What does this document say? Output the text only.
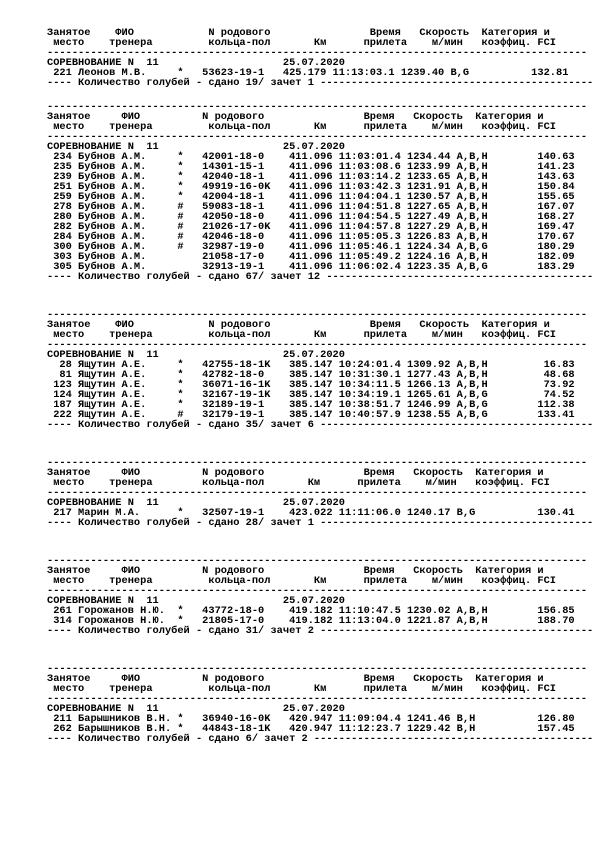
Занятое    ФИО            N родового                Время   Скорость  Категория и
место    тренера         кольца-пол       Км      прилета    м/мин   коэффиц. FCI
---------------------------------------------------------------------------------------
СОРЕВНОВАНИЕ N  11                    25.07.2020
221 Леонов М.В.     *   53623-19-1   425.179 11:13:03.1 1239.40 B,G          132.81
---- Количество голубей - сдано 19/ зачет 1 --------------------------------------------
---------------------------------------------------------------------------------------
Занятое     ФИО          N родового                Время   Скорость  Категория и
место    тренера         кольца-пол       Км      прилета    м/мин   коэффиц. FCI
---------------------------------------------------------------------------------------
СОРЕВНОВАНИЕ N  11                    25.07.2020
234 Бубнов А.М.     *   42001-18-0    411.096 11:03:01.4 1234.44 A,B,H        140.63
235 Бубнов А.М.     *   14301-15-1    411.096 11:03:08.6 1233.99 A,B,H        141.23
239 Бубнов А.М.     *   42040-18-1    411.096 11:03:14.2 1233.65 A,B,H        143.63
251 Бубнов А.М.     *   49919-16-0K   411.096 11:03:42.3 1231.91 A,B,H        150.84
259 Бубнов А.М.     *   42004-18-1    411.096 11:04:04.1 1230.57 A,B,H        155.65
278 Бубнов А.М.     #   59083-18-1    411.096 11:04:51.8 1227.65 A,B,H        167.07
280 Бубнов А.М.     #   42050-18-0    411.096 11:04:54.5 1227.49 A,B,H        168.27
282 Бубнов А.М.     #   21026-17-0K   411.096 11:04:57.8 1227.29 A,B,H        169.47
284 Бубнов А.М.     #   42046-18-0    411.096 11:05:05.3 1226.83 A,B,H        170.67
300 Бубнов А.М.     #   32987-19-0    411.096 11:05:46.1 1224.34 A,B,G        180.29
303 Бубнов А.М.         21058-17-0    411.096 11:05:49.2 1224.16 A,B,H        182.09
305 Бубнов А.М.         32913-19-1    411.096 11:06:02.4 1223.35 A,B,G        183.29
---- Количество голубей - сдано 67/ зачет 12 -------------------------------------------
---------------------------------------------------------------------------------------
Занятое    ФИО            N родового                Время   Скорость  Категория и
место    тренера         кольца-пол       Км      прилета    м/мин   коэффиц. FCI
---------------------------------------------------------------------------------------
СОРЕВНОВАНИЕ N  11                    25.07.2020
28 Ящутин А.Е.     *   42755-18-1K   385.147 10:24:01.4 1309.92 A,B,H         16.83
81 Ящутин А.Е.     *   42782-18-0    385.147 10:31:30.1 1277.43 A,B,H         48.68
123 Ящутин А.Е.     *   36071-16-1K   385.147 10:34:11.5 1266.13 A,B,H         73.92
124 Ящутин А.Е.     *   32167-19-1K   385.147 10:34:19.1 1265.61 A,B,G         74.52
187 Ящутин А.Е.     *   32189-19-1    385.147 10:38:51.7 1246.99 A,B,G        112.38
222 Ящутин А.Е.     #   32179-19-1    385.147 10:40:57.9 1238.55 A,B,G        133.41
---- Количество голубей - сдано 35/ зачет 6 --------------------------------------------
---------------------------------------------------------------------------------------
Занятое     ФИО          N родового                Время   Скорость  Категория и
место    тренера        кольца-пол       Км      прилета    м/мин   коэффиц. FCI
---------------------------------------------------------------------------------------
СОРЕВНОВАНИЕ N  11                    25.07.2020
217 Марин М.А.      *   32507-19-1    423.022 11:11:06.0 1240.17 B,G          130.41
---- Количество голубей - сдано 28/ зачет 1 --------------------------------------------
---------------------------------------------------------------------------------------
Занятое     ФИО          N родового                Время   Скорость  Категория и
место    тренера         кольца-пол       Км      прилета    м/мин   коэффиц. FCI
---------------------------------------------------------------------------------------
СОРЕВНОВАНИЕ N  11                    25.07.2020
261 Горожанов Н.Ю.  *   43772-18-0    419.182 11:10:47.5 1230.02 A,B,H        156.85
314 Горожанов Н.Ю.  *   21805-17-0    419.182 11:13:04.0 1221.87 A,B,H        188.70
---- Количество голубей - сдано 31/ зачет 2 --------------------------------------------
---------------------------------------------------------------------------------------
Занятое     ФИО          N родового                Время   Скорость  Категория и
место    тренера         кольца-пол       Км      прилета    м/мин   коэффиц. FCI
---------------------------------------------------------------------------------------
СОРЕВНОВАНИЕ N  11                    25.07.2020
211 Барышников В.Н. *   36940-16-0K   420.947 11:09:04.4 1241.46 B,H          126.80
262 Барышников В.Н. *   44843-18-1K   420.947 11:12:23.7 1229.42 B,H          157.45
---- Количество голубей - сдано 6/ зачет 2 ---------------------------------------------
